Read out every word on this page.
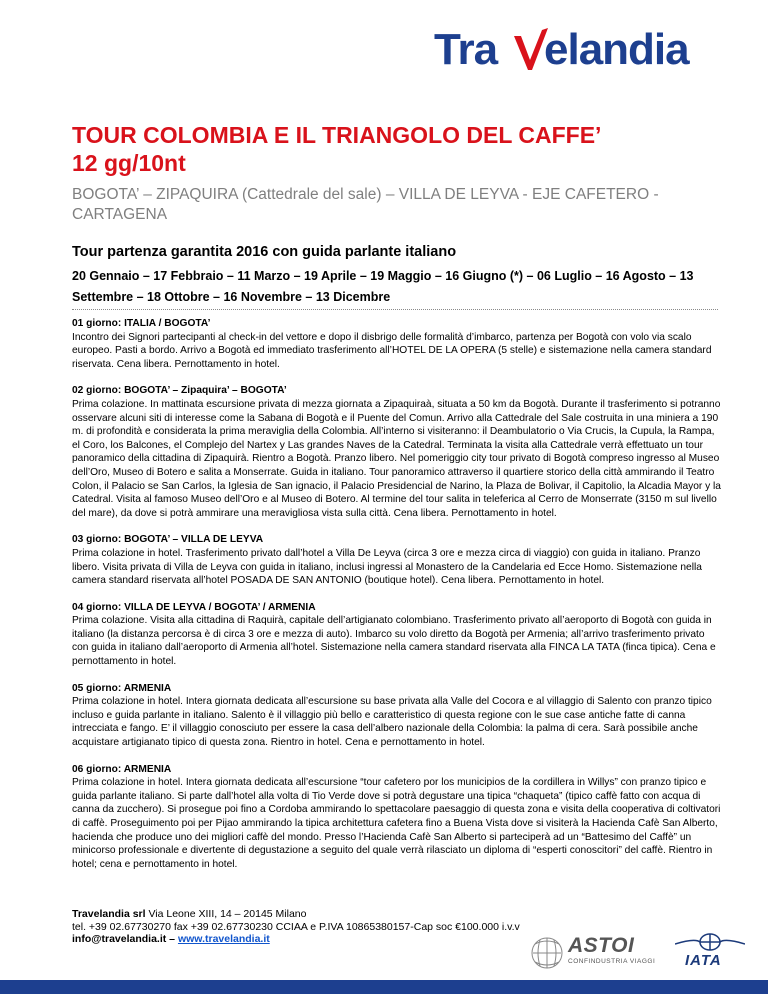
Tra elandia
TOUR COLOMBIA E IL TRIANGOLO DEL CAFFE’
12 gg/10nt

BOGOTA’ – ZIPAQUIRA (Cattedrale del sale) – VILLA DE LEYVA - EJE CAFETERO - CARTAGENA

Tour partenza garantita 2016 con guida parlante italiano

20 Gennaio – 17 Febbraio – 11 Marzo – 19 Aprile – 19 Maggio – 16 Giugno (*) – 06 Luglio – 16 Agosto – 13 Settembre – 18 Ottobre – 16 Novembre – 13 Dicembre

01 giorno: ITALIA / BOGOTA’
Incontro dei Signori partecipanti al check-in del vettore e dopo il disbrigo delle formalità d’imbarco, partenza per Bogotà con volo via scalo europeo. Pasti a bordo. Arrivo a Bogotà ed immediato trasferimento all’HOTEL DE LA OPERA (5 stelle) e sistemazione nella camera standard riservata. Cena libera. Pernottamento in hotel.
02 giorno: BOGOTA’ – Zipaquira’ – BOGOTA’
Prima colazione. In mattinata escursione privata di mezza giornata a Zipaquiraà, situata a 50 km da Bogotà. Durante il trasferimento si potranno osservare alcuni siti di interesse come la Sabana di Bogotà e il Puente del Comun. Arrivo alla Cattedrale del Sale costruita in una miniera a 190 m. di profondità e considerata la prima meraviglia della Colombia. All’interno si visiteranno: il Deambulatorio o Via Crucis, la Cupula, la Rampa, el Coro, los Balcones, el Complejo del Nartex y Las grandes Naves de la Catedral. Terminata la visita alla Cattedrale verrà effettuato un tour panoramico della cittadina di Zipaquirà. Rientro a Bogotà. Pranzo libero. Nel pomeriggio city tour privato di Bogotà compreso ingresso al Museo dell’Oro, Museo di Botero e salita a Monserrate. Guida in italiano. Tour panoramico attraverso il quartiere storico della città ammirando il Teatro Colon, il Palacio se San Carlos, la Iglesia de San ignacio, il Palacio Presidencial de Narino, la Plaza de Bolivar, il Capitolio, la Alcadia Mayor y la Catedral. Visita al famoso Museo dell’Oro e al Museo di Botero. Al termine del tour salita in teleferica al Cerro de Monserrate (3150 m sul livello del mare), da dove si potrà ammirare una meravigliosa vista sulla città. Cena libera. Pernottamento in hotel.
03 giorno: BOGOTA’ – VILLA DE LEYVA
Prima colazione in hotel. Trasferimento privato dall’hotel a Villa De Leyva (circa 3 ore e mezza circa di viaggio) con guida in italiano. Pranzo libero. Visita privata di Villa de Leyva con guida in italiano, inclusi ingressi al Monastero de la Candelaria ed Ecce Homo. Sistemazione nella camera standard riservata all’hotel POSADA DE SAN ANTONIO (boutique hotel). Cena libera. Pernottamento in hotel.
04 giorno: VILLA DE LEYVA / BOGOTA’ / ARMENIA
Prima colazione. Visita alla cittadina di Raquirà, capitale dell’artigianato colombiano. Trasferimento privato all’aeroporto di Bogotà con guida in italiano (la distanza percorsa è di circa 3 ore e mezza di auto). Imbarco su volo diretto da Bogotà per Armenia; all’arrivo trasferimento privato con guida in italiano dall’aeroporto di Armenia all’hotel. Sistemazione nella camera standard riservata alla FINCA LA TATA (finca tipica). Cena e pernottamento in hotel.
05 giorno: ARMENIA
Prima colazione in hotel. Intera giornata dedicata all’escursione su base privata alla Valle del Cocora e al villaggio di Salento con pranzo tipico incluso e guida parlante in italiano. Salento è il villaggio più bello e caratteristico di questa regione con le sue case antiche fatte di canna intrecciata e fango. E’ il villaggio conosciuto per essere la casa dell’albero nazionale della Colombia: la palma di cera. Sarà possibile anche acquistare artigianato tipico di questa zona. Rientro in hotel. Cena e pernottamento in hotel.
06 giorno: ARMENIA
Prima colazione in hotel. Intera giornata dedicata all’escursione “tour cafetero por los municipios de la cordillera in Willys” con pranzo tipico e guida parlante italiano. Si parte dall’hotel alla volta di Tio Verde dove si potrà degustare una tipica “chaqueta” (tipico caffè fatto con acqua di canna da zucchero). Si prosegue poi fino a Cordoba ammirando lo spettacolare paesaggio di questa zona e visita della cooperativa di coltivatori di caffè. Proseguimento poi per Pijao ammirando la tipica architettura cafetera fino a Buena Vista dove si visiterà la Hacienda Cafè San Alberto, hacienda che produce uno dei migliori caffè del mondo. Presso l’Hacienda Cafè San Alberto si parteciperà ad un “Battesimo del Caffè” un minicorso professionale e divertente di degustazione a seguito del quale verrà rilasciato un diploma di “esperti conoscitori” del caffè. Rientro in hotel; cena e pernottamento in hotel.
Travelandia srl Via Leone XIII, 14 – 20145 Milano
tel. +39 02.67730270 fax +39 02.67730230 CCIAA e P.IVA 10865380157-Cap soc €100.000 i.v.v
info@travelandia.it – www.travelandia.it	ASTOI
CONFINDUSTRIA VIAGGI IATA
